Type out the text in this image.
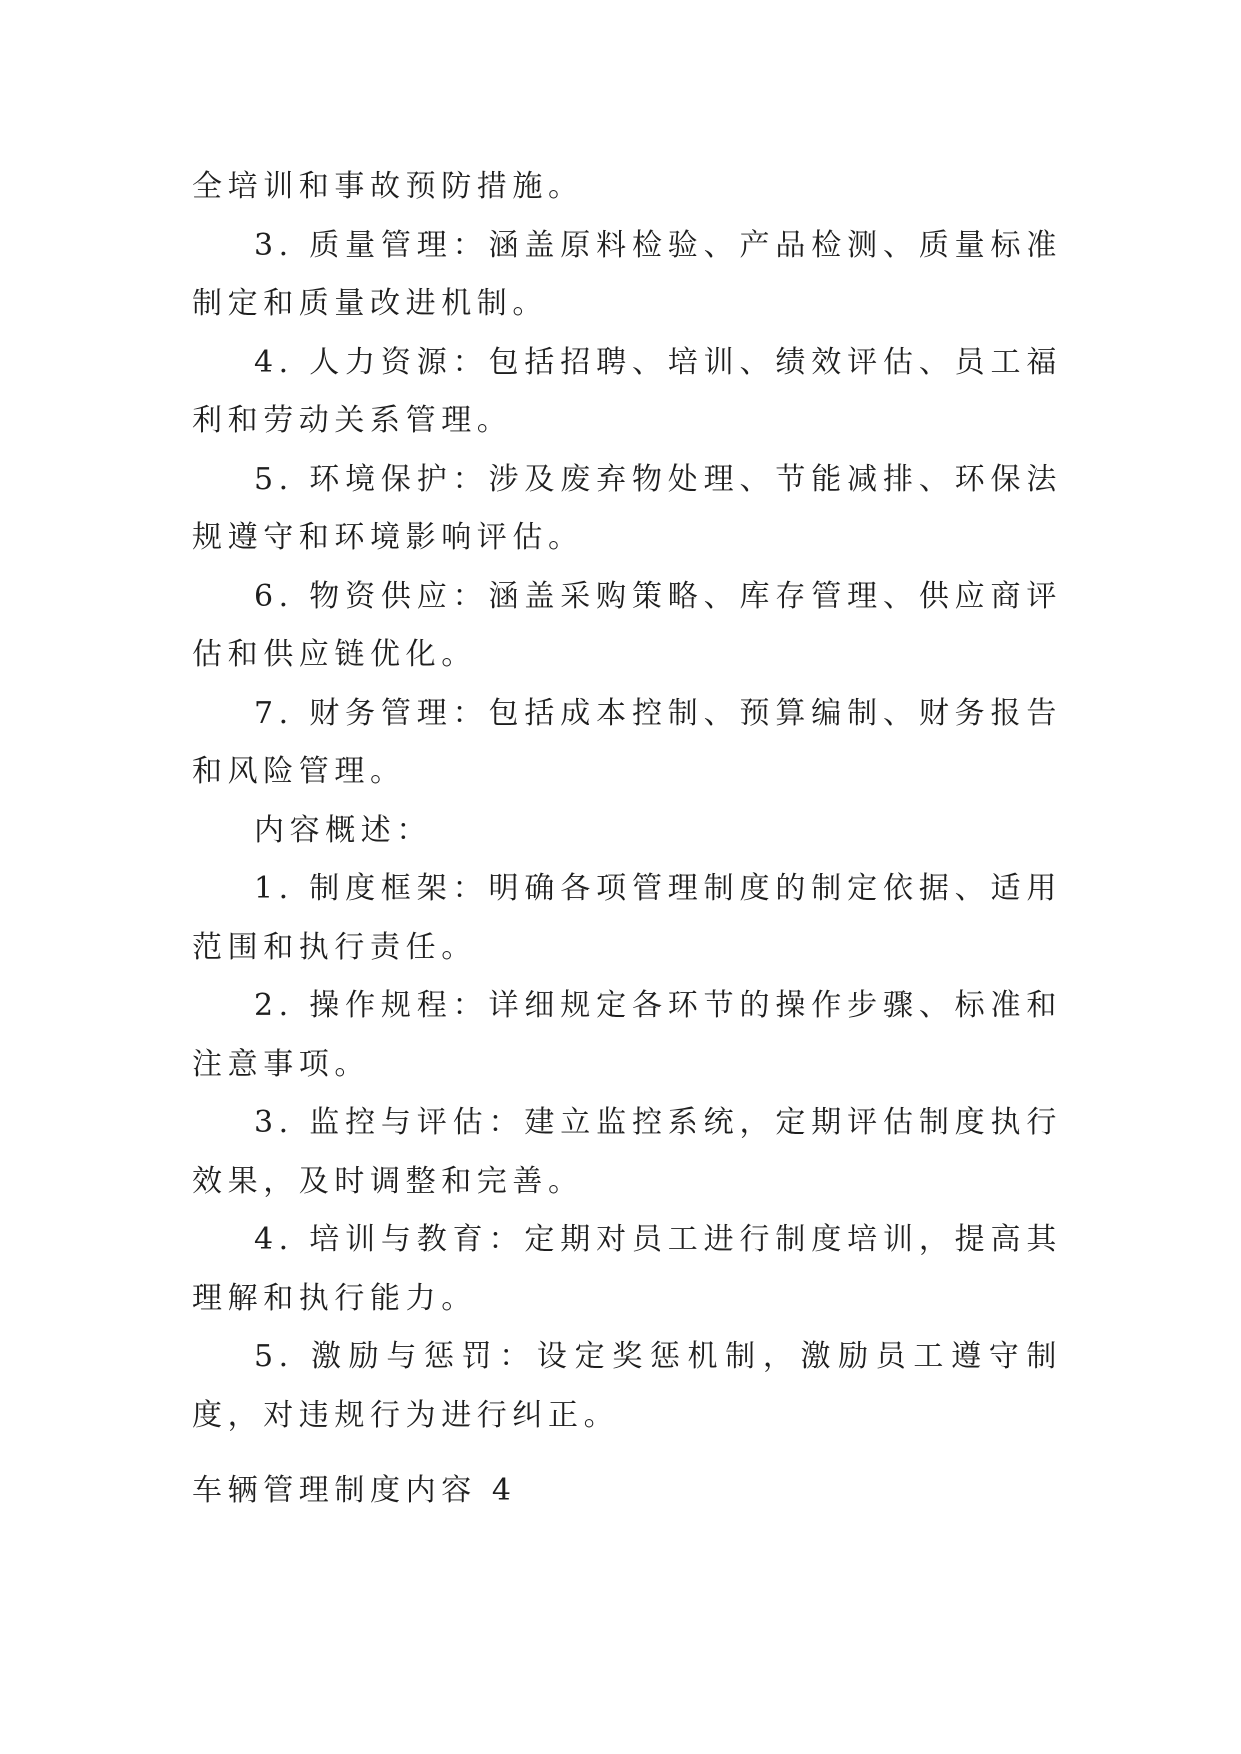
全培训和事故预防措施。

3. 质量管理：涵盖原料检验、产品检测、质量标准制定和质量改进机制。

4. 人力资源：包括招聘、培训、绩效评估、员工福利和劳动关系管理。

5. 环境保护：涉及废弃物处理、节能减排、环保法规遵守和环境影响评估。

6. 物资供应：涵盖采购策略、库存管理、供应商评估和供应链优化。

7. 财务管理：包括成本控制、预算编制、财务报告和风险管理。

内容概述：

1. 制度框架：明确各项管理制度的制定依据、适用范围和执行责任。

2. 操作规程：详细规定各环节的操作步骤、标准和注意事项。

3. 监控与评估：建立监控系统，定期评估制度执行效果，及时调整和完善。

4. 培训与教育：定期对员工进行制度培训，提高其理解和执行能力。

5. 激励与惩罚：设定奖惩机制，激励员工遵守制度，对违规行为进行纠正。

车辆管理制度内容 4
